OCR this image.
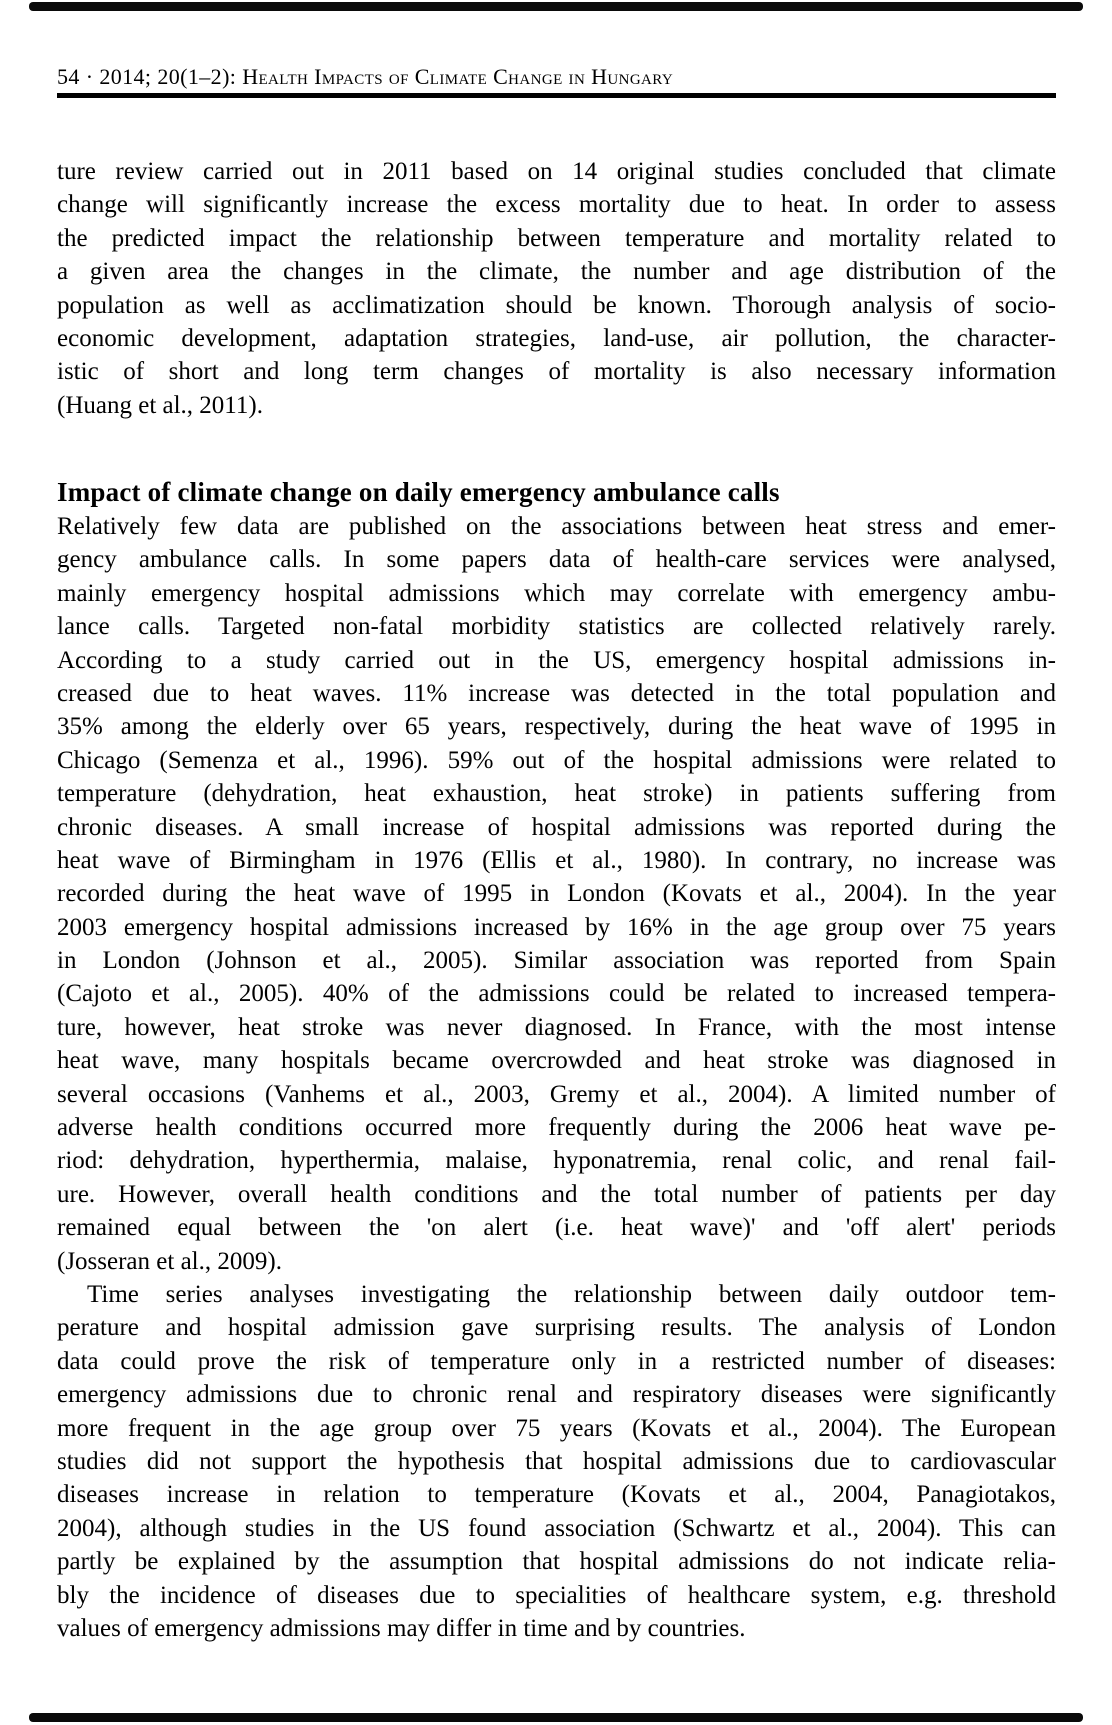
54 · 2014; 20(1–2): Health Impacts of Climate Change in Hungary
ture review carried out in 2011 based on 14 original studies concluded that climate
change will significantly increase the excess mortality due to heat. In order to assess
the predicted impact the relationship between temperature and mortality related to
a given area the changes in the climate, the number and age distribution of the
population as well as acclimatization should be known. Thorough analysis of socio-
economic development, adaptation strategies, land-use, air pollution, the character-
istic of short and long term changes of mortality is also necessary information
(Huang et al., 2011).
Impact of climate change on daily emergency ambulance calls
Relatively few data are published on the associations between heat stress and emer-
gency ambulance calls. In some papers data of health-care services were analysed,
mainly emergency hospital admissions which may correlate with emergency ambu-
lance calls. Targeted non-fatal morbidity statistics are collected relatively rarely.
According to a study carried out in the US, emergency hospital admissions in-
creased due to heat waves. 11% increase was detected in the total population and
35% among the elderly over 65 years, respectively, during the heat wave of 1995 in
Chicago (Semenza et al., 1996). 59% out of the hospital admissions were related to
temperature (dehydration, heat exhaustion, heat stroke) in patients suffering from
chronic diseases. A small increase of hospital admissions was reported during the
heat wave of Birmingham in 1976 (Ellis et al., 1980). In contrary, no increase was
recorded during the heat wave of 1995 in London (Kovats et al., 2004). In the year
2003 emergency hospital admissions increased by 16% in the age group over 75 years
in London (Johnson et al., 2005). Similar association was reported from Spain
(Cajoto et al., 2005). 40% of the admissions could be related to increased tempera-
ture, however, heat stroke was never diagnosed. In France, with the most intense
heat wave, many hospitals became overcrowded and heat stroke was diagnosed in
several occasions (Vanhems et al., 2003, Gremy et al., 2004). A limited number of
adverse health conditions occurred more frequently during the 2006 heat wave pe-
riod: dehydration, hyperthermia, malaise, hyponatremia, renal colic, and renal fail-
ure. However, overall health conditions and the total number of patients per day
remained equal between the 'on alert (i.e. heat wave)' and 'off alert' periods
(Josseran et al., 2009).
Time series analyses investigating the relationship between daily outdoor tem-
perature and hospital admission gave surprising results. The analysis of London
data could prove the risk of temperature only in a restricted number of diseases:
emergency admissions due to chronic renal and respiratory diseases were significantly
more frequent in the age group over 75 years (Kovats et al., 2004). The European
studies did not support the hypothesis that hospital admissions due to cardiovascular
diseases increase in relation to temperature (Kovats et al., 2004, Panagiotakos,
2004), although studies in the US found association (Schwartz et al., 2004). This can
partly be explained by the assumption that hospital admissions do not indicate relia-
bly the incidence of diseases due to specialities of healthcare system, e.g. threshold
values of emergency admissions may differ in time and by countries.
